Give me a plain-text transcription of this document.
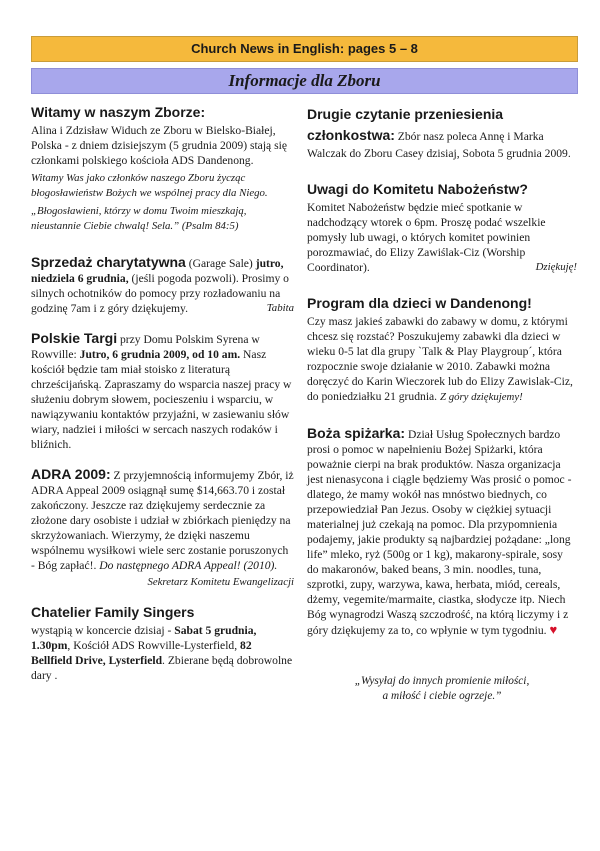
Church News in English: pages 5 – 8
Informacje dla Zboru
Witamy w naszym Zborze:
Alina i Zdzisław Widuch ze Zboru w Bielsko-Białej, Polska - z dniem dzisiejszym (5 grudnia 2009) stają się członkami polskiego kościoła ADS Dandenong.
Witamy Was jako członków naszego Zboru życząc błogosławieństw Bożych we wspólnej pracy dla Niego.
„Błogosławieni, którzy w domu Twoim mieszkają, nieustannie Ciebie chwalą! Sela.” (Psalm 84:5)
Sprzedaż charytatywna (Garage Sale) jutro, niedziela 6 grudnia, (jeśli pogoda pozwoli). Prosimy o silnych ochotników do pomocy przy rozładowaniu na godzinę 7am i z góry dziękujemy.	Tabita
Polskie Targi przy Domu Polskim Syrena w Rowville: Jutro, 6 grudnia 2009, od 10 am. Nasz kościół będzie tam miał stoisko z literaturą chrześcijańską. Zapraszamy do wsparcia naszej pracy w służeniu dobrym słowem, pocieszeniu i wsparciu, w nawiązywaniu kontaktów przyjaźni, w zasiewaniu słów wiary, nadziei i miłości w sercach naszych rodaków i bliźnich.
ADRA 2009: Z przyjemnością informujemy Zbór, iż ADRA Appeal 2009 osiągnął sumę $14,663.70 i został zakończony. Jeszcze raz dziękujemy serdecznie za złożone dary osobiste i udział w zbiórkach pieniędzy na skrzyżowaniach. Wierzymy, że dzięki naszemu wspólnemu wysiłkowi wiele serc zostanie poruszonych - Bóg zapłać!. Do następnego ADRA Appeal! (2010).
Sekretarz Komitetu Ewangelizacji
Chatelier Family Singers
wystąpią w koncercie dzisiaj - Sabat 5 grudnia, 1.30pm, Kościół ADS Rowville-Lysterfield, 82 Bellfield Drive, Lysterfield. Zbierane będą dobrowolne dary .
Drugie czytanie przeniesienia członkostwa: Zbór nasz poleca Annę i Marka Walczak do Zboru Casey dzisiaj, Sobota 5 grudnia 2009.
Uwagi do Komitetu Nabożeństw?
Komitet Nabożeństw będzie mieć spotkanie w nadchodzący wtorek o 6pm. Proszę podać wszelkie pomysły lub uwagi, o których komitet powinien porozmawiać, do Elizy Zawiślak-Ciz (Worship Coordinator).	Dziękuję!
Program dla dzieci w Dandenong!
Czy masz jakieś zabawki do zabawy w domu, z którymi chcesz się rozstać? Poszukujemy zabawki dla dzieci w wieku 0-5 lat dla grupy `Talk & Play Playgroup´, która rozpocznie swoje działanie w 2010. Zabawki można doręczyć do Karin Wieczorek lub do Elizy Zawislak-Ciz, do poniedziałku 21 grudnia. Z góry dziękujemy!
Boża spiżarka: Dział Usług Społecznych bardzo prosi o pomoc w napełnieniu Bożej Spiżarki, która poważnie cierpi na brak produktów. Nasza organizacja jest nienasycona i ciągle będziemy Was prosić o pomoc - dlatego, że mamy wokół nas mnóstwo biednych, co przepowiedział Pan Jezus. Osoby w ciężkiej sytuacji materialnej już czekają na pomoc. Dla przypomnienia podajemy, jakie produkty są najbardziej pożądane: „long life” mleko, ryż (500g or 1 kg), makarony-spirale, sosy do makaronów, baked beans, 3 min. noodles, tuna, szprotki, zupy, warzywa, kawa, herbata, miód, cereals, dżemy, vegemite/marmaite, ciastka, słodycze itp. Niech Bóg wynagrodzi Waszą szczodrość, na którą liczymy i z góry dziękujemy za to, co wpłynie w tym tygodniu. ♥
„Wysyłaj do innych promienie miłości,
a miłość i ciebie ogrzeje.”
